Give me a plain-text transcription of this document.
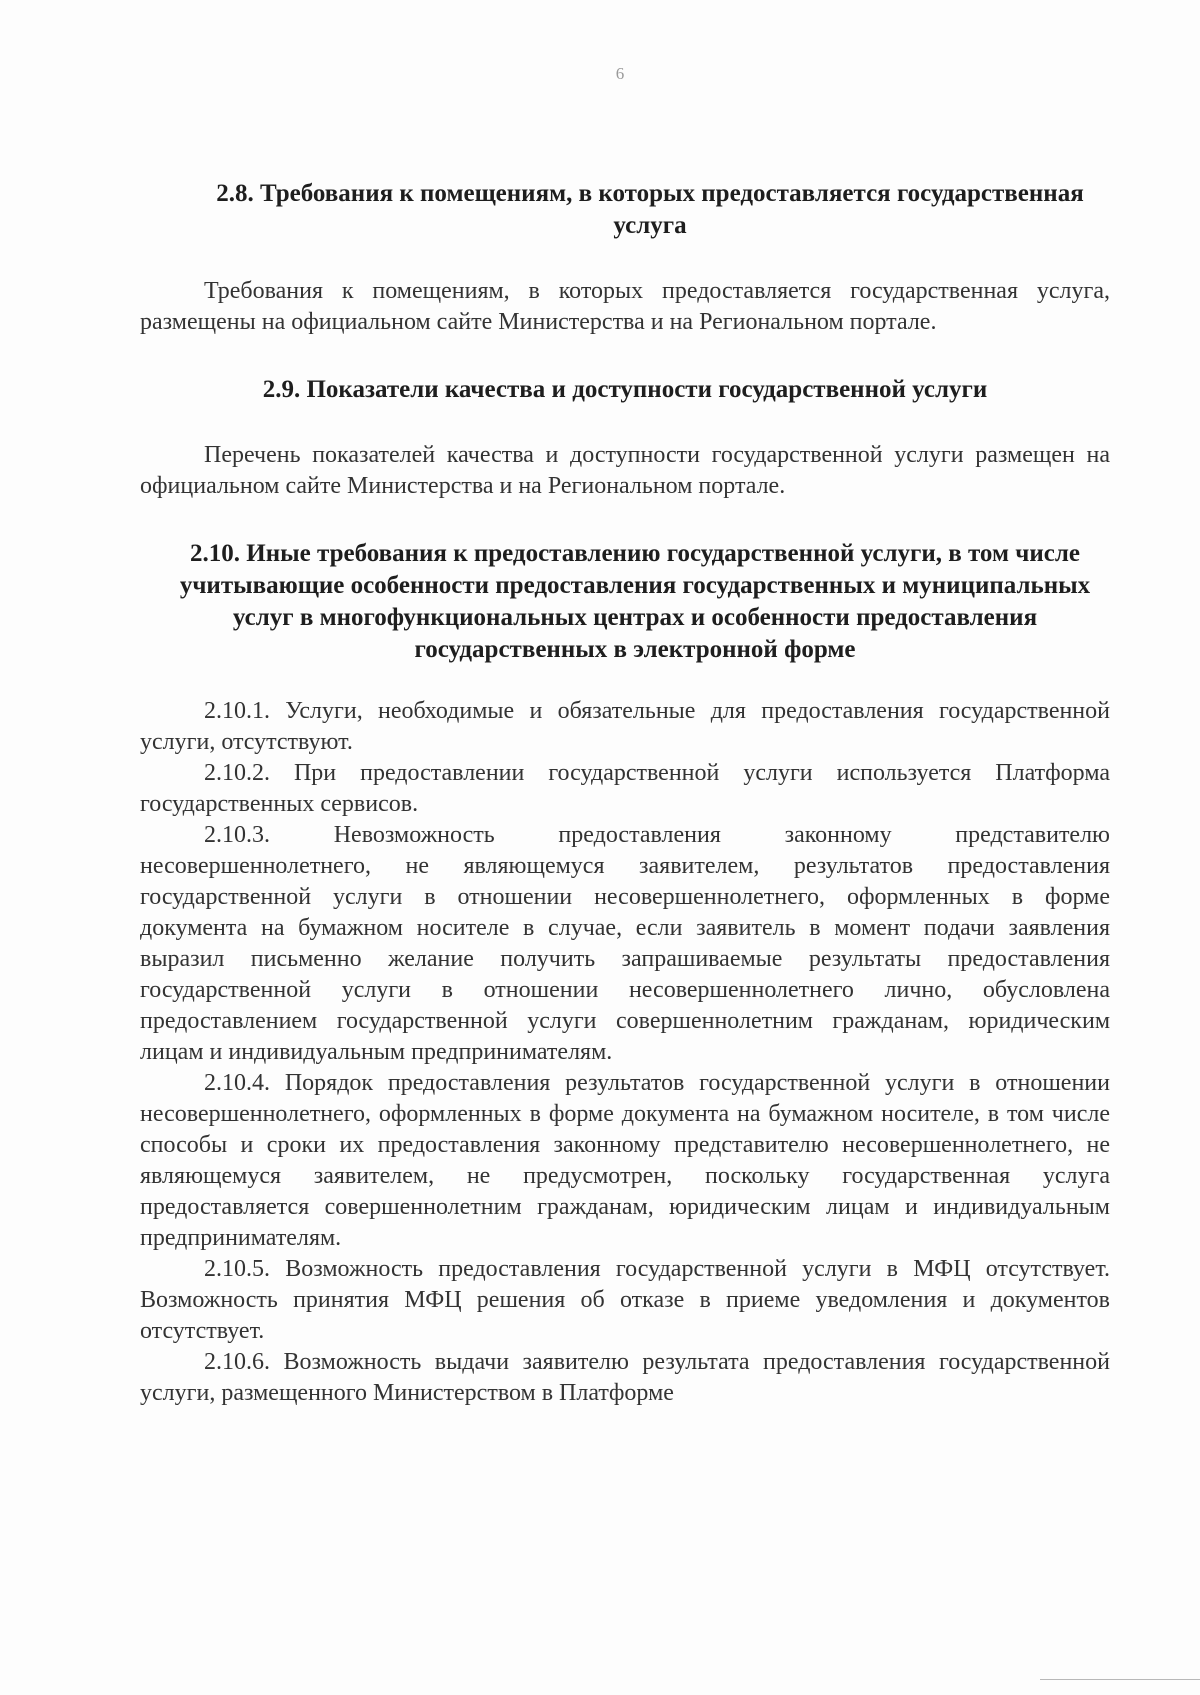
6
2.8. Требования к помещениям, в которых предоставляется государственная услуга

Требования к помещениям, в которых предоставляется государственная услуга, размещены на официальном сайте Министерства и на Региональном портале.

2.9. Показатели качества и доступности государственной услуги

Перечень показателей качества и доступности государственной услуги размещен на официальном сайте Министерства и на Региональном портале.

2.10. Иные требования к предоставлению государственной услуги, в том числе учитывающие особенности предоставления государственных и муниципальных услуг в многофункциональных центрах и особенности предоставления государственных в электронной форме

2.10.1. Услуги, необходимые и обязательные для предоставления государственной услуги, отсутствуют.

2.10.2. При предоставлении государственной услуги используется Платформа государственных сервисов.

2.10.3. Невозможность предоставления законному представителю несовершеннолетнего, не являющемуся заявителем, результатов предоставления государственной услуги в отношении несовершеннолетнего, оформленных в форме документа на бумажном носителе в случае, если заявитель в момент подачи заявления выразил письменно желание получить запрашиваемые результаты предоставления государственной услуги в отношении несовершеннолетнего лично, обусловлена предоставлением государственной услуги совершеннолетним гражданам, юридическим лицам и индивидуальным предпринимателям.

2.10.4. Порядок предоставления результатов государственной услуги в отношении несовершеннолетнего, оформленных в форме документа на бумажном носителе, в том числе способы и сроки их предоставления законному представителю несовершеннолетнего, не являющемуся заявителем, не предусмотрен, поскольку государственная услуга предоставляется совершеннолетним гражданам, юридическим лицам и индивидуальным предпринимателям.

2.10.5. Возможность предоставления государственной услуги в МФЦ отсутствует. Возможность принятия МФЦ решения об отказе в приеме уведомления и документов отсутствует.

2.10.6. Возможность выдачи заявителю результата предоставления государственной услуги, размещенного Министерством в Платформе
